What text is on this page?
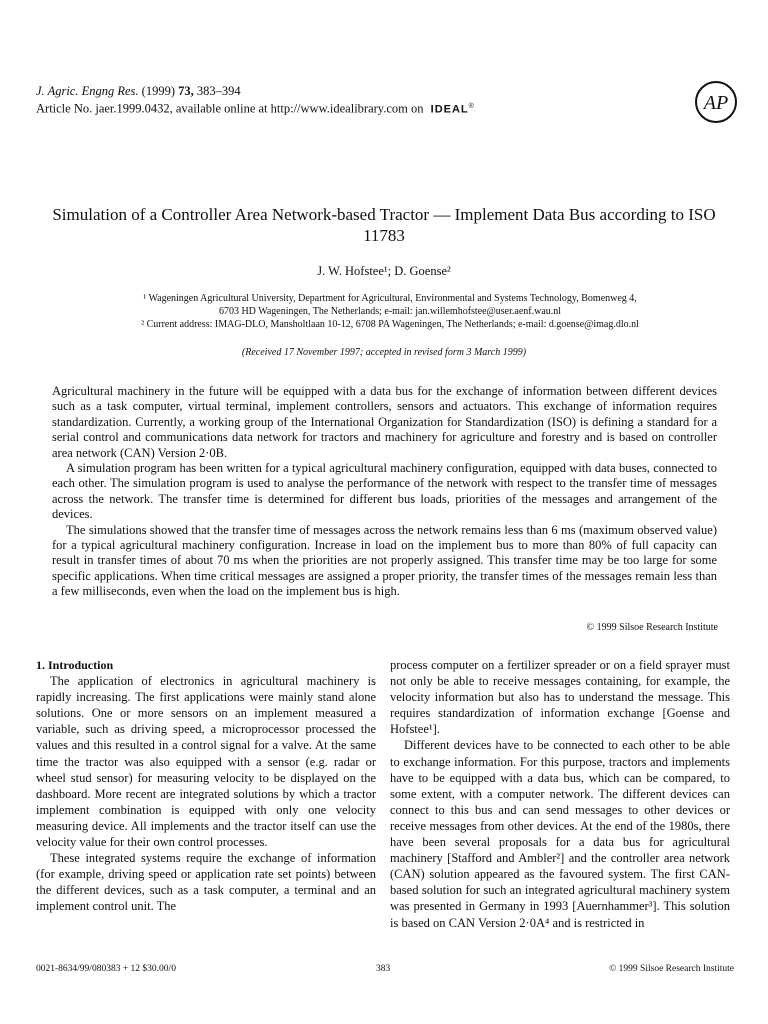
J. Agric. Engng Res. (1999) 73, 383–394
Article No. jaer.1999.0432, available online at http://www.idealibrary.com on IDEAL®	AP
Simulation of a Controller Area Network-based Tractor — Implement Data Bus according to ISO 11783
J. W. Hofstee¹; D. Goense²
¹ Wageningen Agricultural University, Department for Agricultural, Environmental and Systems Technology, Bomenweg 4,
6703 HD Wageningen, The Netherlands; e-mail: jan.willemhofstee@user.aenf.wau.nl
² Current address: IMAG-DLO, Mansholtlaan 10-12, 6708 PA Wageningen, The Netherlands; e-mail: d.goense@imag.dlo.nl
(Received 17 November 1997; accepted in revised form 3 March 1999)

Agricultural machinery in the future will be equipped with a data bus for the exchange of information between different devices such as a task computer, virtual terminal, implement controllers, sensors and actuators. This exchange of information requires standardization. Currently, a working group of the International Organization for Standardization (ISO) is defining a standard for a serial control and communications data network for tractors and machinery for agriculture and forestry and is based on controller area network (CAN) Version 2·0B.

A simulation program has been written for a typical agricultural machinery configuration, equipped with data buses, connected to each other. The simulation program is used to analyse the performance of the network with respect to the transfer time of messages across the network. The transfer time is determined for different bus loads, priorities of the messages and arrangement of the devices.

The simulations showed that the transfer time of messages across the network remains less than 6 ms (maximum observed value) for a typical agricultural machinery configuration. Increase in load on the implement bus to more than 80% of full capacity can result in transfer times of about 70 ms when the priorities are not properly assigned. This transfer time may be too large for some specific applications. When time critical messages are assigned a proper priority, the transfer times of the messages remain less than a few milliseconds, even when the load on the implement bus is high.

© 1999 Silsoe Research Institute

1. Introduction

The application of electronics in agricultural machinery is rapidly increasing. The first applications were mainly stand alone solutions. One or more sensors on an implement measured a variable, such as driving speed, a microprocessor processed the values and this resulted in a control signal for a valve. At the same time the tractor was also equipped with a sensor (e.g. radar or wheel stud sensor) for measuring velocity to be displayed on the dashboard. More recent are integrated solutions by which a tractor implement combination is equipped with only one velocity measuring device. All implements and the tractor itself can use the velocity value for their own control processes.

These integrated systems require the exchange of information (for example, driving speed or application rate set points) between the different devices, such as a task computer, a terminal and an implement control unit. The

process computer on a fertilizer spreader or on a field sprayer must not only be able to receive messages containing, for example, the velocity information but also has to understand the message. This requires standardization of information exchange [Goense and Hofstee¹].

Different devices have to be connected to each other to be able to exchange information. For this purpose, tractors and implements have to be equipped with a data bus, which can be compared, to some extent, with a computer network. The different devices can connect to this bus and can send messages to other devices or receive messages from other devices. At the end of the 1980s, there have been several proposals for a data bus for agricultural machinery [Stafford and Ambler²] and the controller area network (CAN) solution appeared as the favoured system. The first CAN-based solution for such an integrated agricultural machinery system was presented in Germany in 1993 [Auernhammer³]. This solution is based on CAN Version 2·0A⁴ and is restricted in

0021-8634/99/080383 + 12 $30.00/0	383	© 1999 Silsoe Research Institute
